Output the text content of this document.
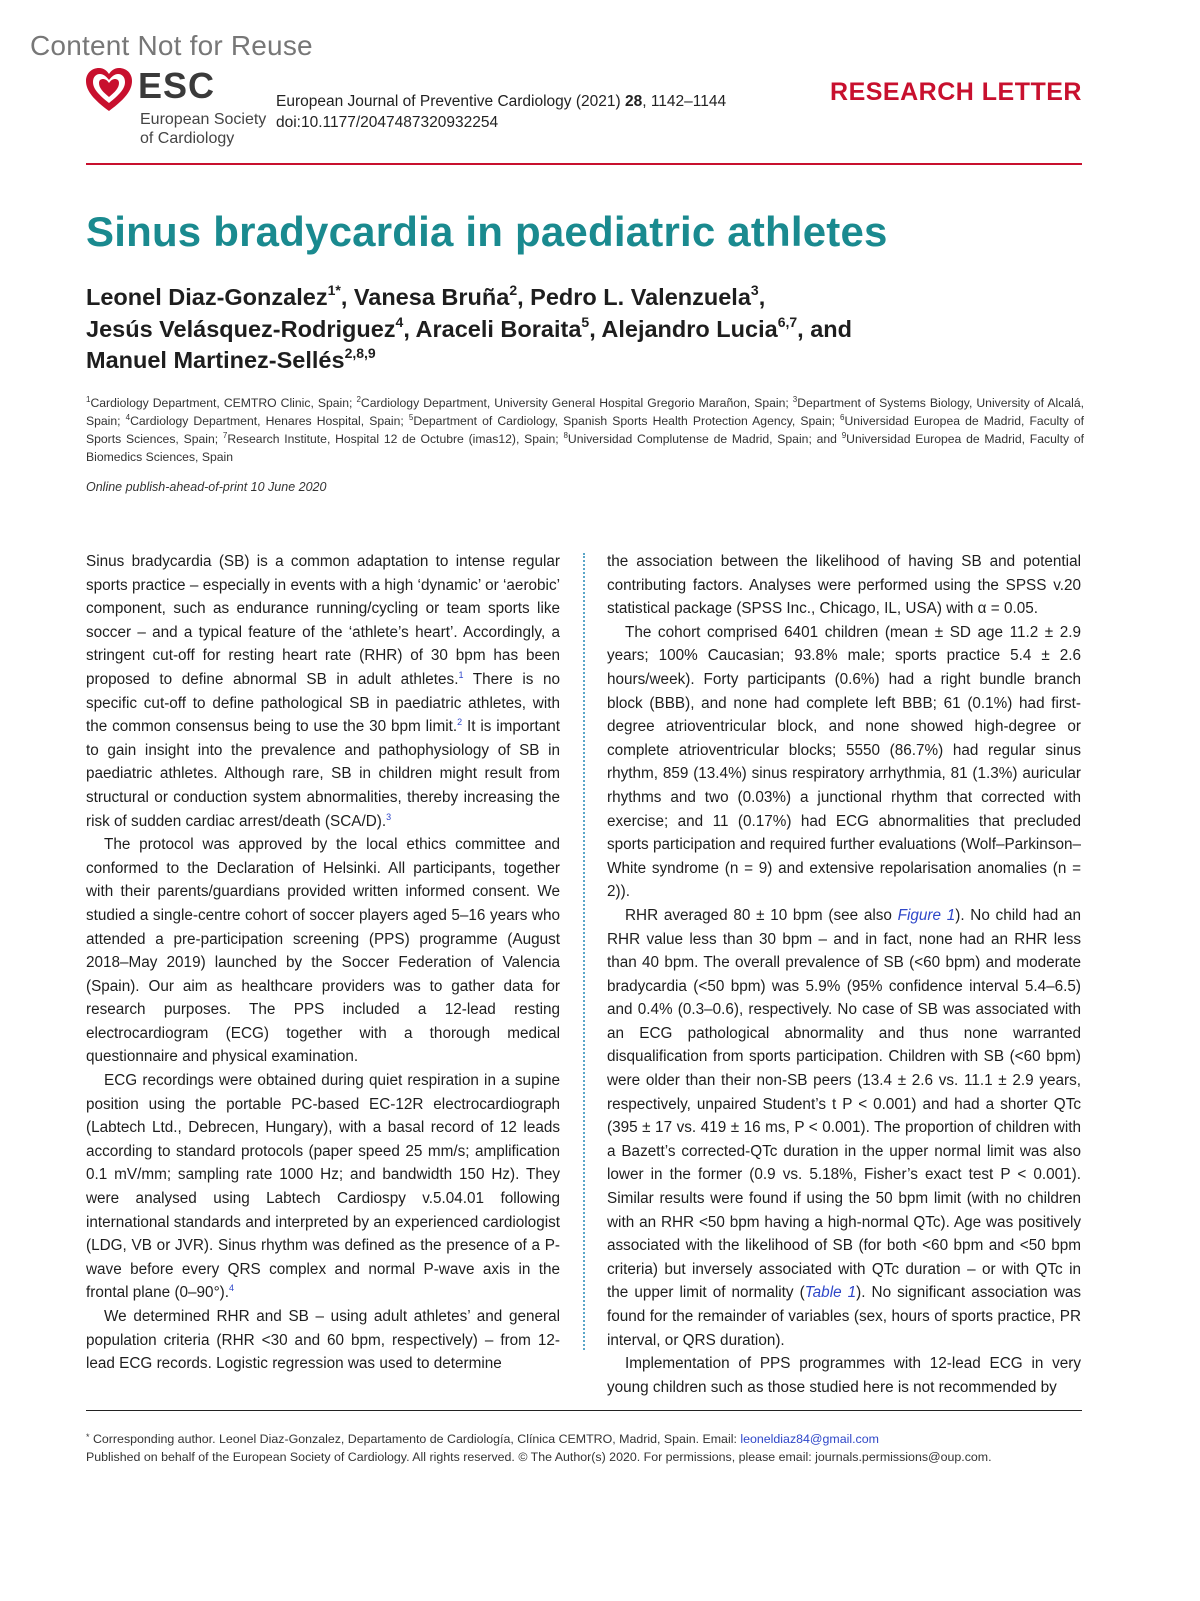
Content Not for Reuse
ESC
European Society
of Cardiology
European Journal of Preventive Cardiology (2021) 28, 1142–1144
doi:10.1177/2047487320932254
RESEARCH LETTER
Sinus bradycardia in paediatric athletes
Leonel Diaz-Gonzalez$^{1*}$, Vanesa Bruña$^2$, Pedro L. Valenzuela$^3$,
Jesús Velásquez-Rodriguez$^4$, Araceli Boraita$^5$, Alejandro Lucia$^{6,7}$, and
Manuel Martinez-Sellés$^{2,8,9}$
$^1$Cardiology Department, CEMTRO Clinic, Spain; $^2$Cardiology Department, University General Hospital Gregorio Marañon, Spain; $^3$Department of Systems Biology, University of Alcalá, Spain; $^4$Cardiology Department, Henares Hospital, Spain; $^5$Department of Cardiology, Spanish Sports Health Protection Agency, Spain; $^6$Universidad Europea de Madrid, Faculty of Sports Sciences, Spain; $^7$Research Institute, Hospital 12 de Octubre (imas12), Spain; $^8$Universidad Complutense de Madrid, Spain; and $^9$Universidad Europea de Madrid, Faculty of Biomedics Sciences, Spain
Online publish-ahead-of-print 10 June 2020

Sinus bradycardia (SB) is a common adaptation to intense regular sports practice – especially in events with a high ‘dynamic’ or ‘aerobic’ component, such as endurance running/cycling or team sports like soccer – and a typical feature of the ‘athlete’s heart’. Accordingly, a stringent cut-off for resting heart rate (RHR) of 30 bpm has been proposed to define abnormal SB in adult athletes.$^1$ There is no specific cut-off to define pathological SB in paediatric athletes, with the common consensus being to use the 30 bpm limit.$^2$ It is important to gain insight into the prevalence and pathophysiology of SB in paediatric athletes. Although rare, SB in children might result from structural or conduction system abnormalities, thereby increasing the risk of sudden cardiac arrest/death (SCA/D).$^3$

The protocol was approved by the local ethics committee and conformed to the Declaration of Helsinki. All participants, together with their parents/guardians provided written informed consent. We studied a single-centre cohort of soccer players aged 5–16 years who attended a pre-participation screening (PPS) programme (August 2018–May 2019) launched by the Soccer Federation of Valencia (Spain). Our aim as healthcare providers was to gather data for research purposes. The PPS included a 12-lead resting electrocardiogram (ECG) together with a thorough medical questionnaire and physical examination.

ECG recordings were obtained during quiet respiration in a supine position using the portable PC-based EC-12R electrocardiograph (Labtech Ltd., Debrecen, Hungary), with a basal record of 12 leads according to standard protocols (paper speed 25 mm/s; amplification 0.1 mV/mm; sampling rate 1000 Hz; and bandwidth 150 Hz). They were analysed using Labtech Cardiospy v.5.04.01 following international standards and interpreted by an experienced cardiologist (LDG, VB or JVR). Sinus rhythm was defined as the presence of a P-wave before every QRS complex and normal P-wave axis in the frontal plane (0–90°).$^4$

We determined RHR and SB – using adult athletes’ and general population criteria (RHR <30 and 60 bpm, respectively) – from 12-lead ECG records. Logistic regression was used to determine

the association between the likelihood of having SB and potential contributing factors. Analyses were performed using the SPSS v.20 statistical package (SPSS Inc., Chicago, IL, USA) with α = 0.05.

The cohort comprised 6401 children (mean ± SD age 11.2 ± 2.9 years; 100% Caucasian; 93.8% male; sports practice 5.4 ± 2.6 hours/week). Forty participants (0.6%) had a right bundle branch block (BBB), and none had complete left BBB; 61 (0.1%) had first-degree atrioventricular block, and none showed high-degree or complete atrioventricular blocks; 5550 (86.7%) had regular sinus rhythm, 859 (13.4%) sinus respiratory arrhythmia, 81 (1.3%) auricular rhythms and two (0.03%) a junctional rhythm that corrected with exercise; and 11 (0.17%) had ECG abnormalities that precluded sports participation and required further evaluations (Wolf–Parkinson–White syndrome (n = 9) and extensive repolarisation anomalies (n = 2)).

RHR averaged 80 ± 10 bpm (see also Figure 1). No child had an RHR value less than 30 bpm – and in fact, none had an RHR less than 40 bpm. The overall prevalence of SB (<60 bpm) and moderate bradycardia (<50 bpm) was 5.9% (95% confidence interval 5.4–6.5) and 0.4% (0.3–0.6), respectively. No case of SB was associated with an ECG pathological abnormality and thus none warranted disqualification from sports participation. Children with SB (<60 bpm) were older than their non-SB peers (13.4 ± 2.6 vs. 11.1 ± 2.9 years, respectively, unpaired Student’s t P < 0.001) and had a shorter QTc (395 ± 17 vs. 419 ± 16 ms, P < 0.001). The proportion of children with a Bazett’s corrected-QTc duration in the upper normal limit was also lower in the former (0.9 vs. 5.18%, Fisher’s exact test P < 0.001). Similar results were found if using the 50 bpm limit (with no children with an RHR <50 bpm having a high-normal QTc). Age was positively associated with the likelihood of SB (for both <60 bpm and <50 bpm criteria) but inversely associated with QTc duration – or with QTc in the upper limit of normality (Table 1). No significant association was found for the remainder of variables (sex, hours of sports practice, PR interval, or QRS duration).

Implementation of PPS programmes with 12-lead ECG in very young children such as those studied here is not recommended by

* Corresponding author. Leonel Diaz-Gonzalez, Departamento de Cardiología, Clínica CEMTRO, Madrid, Spain. Email: leoneldiaz84@gmail.com
Published on behalf of the European Society of Cardiology. All rights reserved. © The Author(s) 2020. For permissions, please email: journals.permissions@oup.com.
